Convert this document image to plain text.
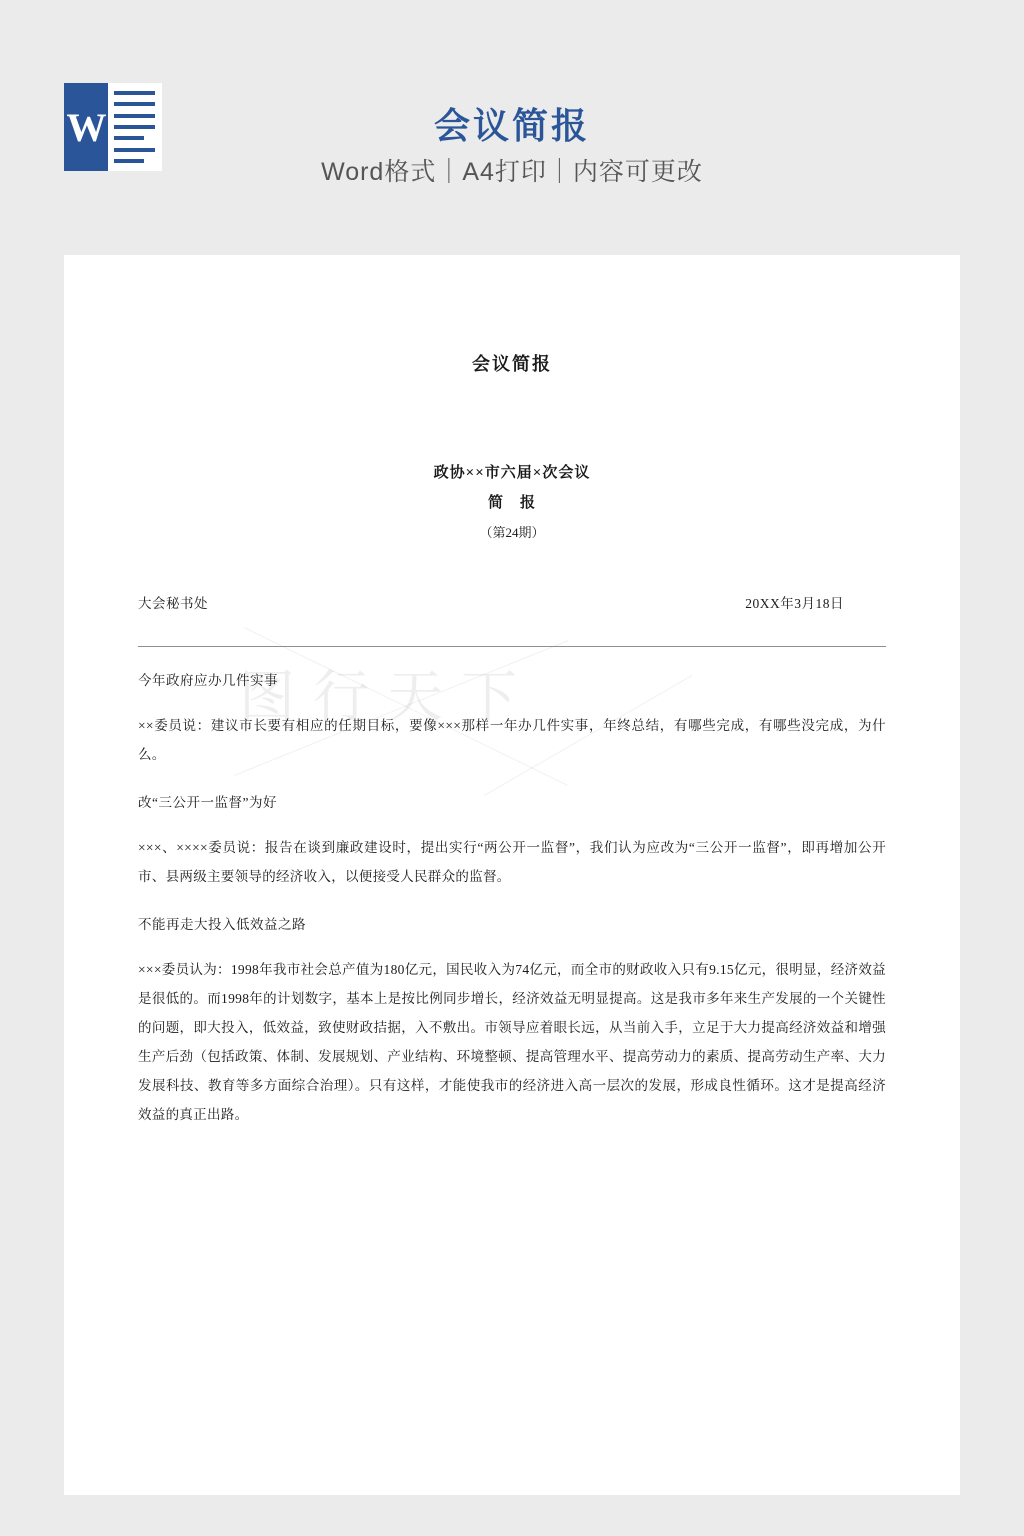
W	会议简报
Word格式｜A4打印｜内容可更改
会议简报
政协××市六届×次会议
简　报
（第24期）
大会秘书处	20XX年3月18日
今年政府应办几件实事
××委员说：建议市长要有相应的任期目标，要像×××那样一年办几件实事，年终总结，有哪些完成，有哪些没完成，为什么。
改“三公开一监督”为好
×××、××××委员说：报告在谈到廉政建设时，提出实行“两公开一监督”，我们认为应改为“三公开一监督”，即再增加公开市、县两级主要领导的经济收入，以便接受人民群众的监督。
不能再走大投入低效益之路
×××委员认为：1998年我市社会总产值为180亿元，国民收入为74亿元，而全市的财政收入只有9.15亿元，很明显，经济效益是很低的。而1998年的计划数字，基本上是按比例同步增长，经济效益无明显提高。这是我市多年来生产发展的一个关键性的问题，即大投入，低效益，致使财政拮据，入不敷出。市领导应着眼长远，从当前入手，立足于大力提高经济效益和增强生产后劲（包括政策、体制、发展规划、产业结构、环境整顿、提高管理水平、提高劳动力的素质、提高劳动生产率、大力发展科技、教育等多方面综合治理）。只有这样，才能使我市的经济进入高一层次的发展，形成良性循环。这才是提高经济效益的真正出路。
图行天下
